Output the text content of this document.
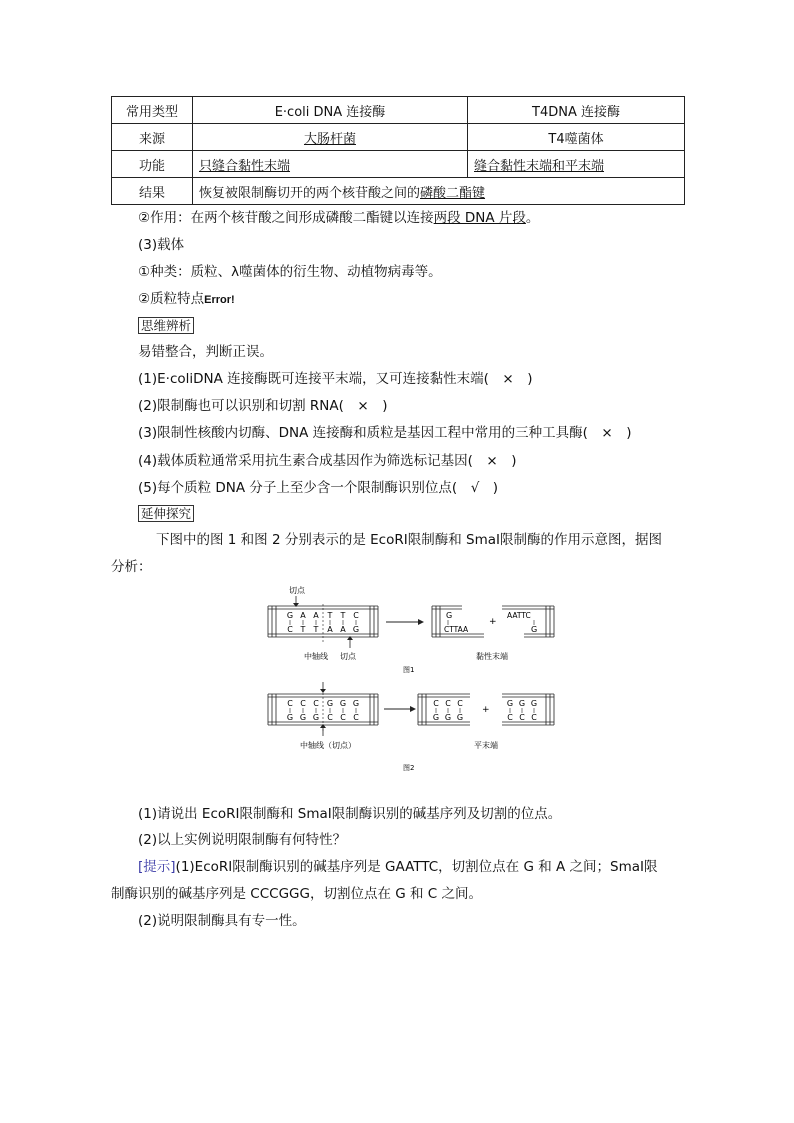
常用类型	E·coli DNA 连接酶	T4DNA 连接酶
来源	大肠杆菌	T4噬菌体
功能	只缝合黏性末端	缝合黏性末端和平末端
结果	恢复被限制酶切开的两个核苷酸之间的磷酸二酯键	
②作用：在两个核苷酸之间形成磷酸二酯键以连接两段 DNA 片段。
(3)载体
①种类：质粒、λ噬菌体的衍生物、动植物病毒等。
②质粒特点Error!
思维辨析
易错整合，判断正误。
(1)E·coliDNA 连接酶既可连接平末端，又可连接黏性末端(　×　)
(2)限制酶也可以识别和切割 RNA(　×　)
(3)限制性核酸内切酶、DNA 连接酶和质粒是基因工程中常用的三种工具酶(　×　)
(4)载体质粒通常采用抗生素合成基因作为筛选标记基因(　×　)
(5)每个质粒 DNA 分子上至少含一个限制酶识别位点(　√　)
延伸探究
下图中的图 1 和图 2 分别表示的是 EcoRⅠ限制酶和 SmaⅠ限制酶的作用示意图，据图
分析：
切点
G A A T T C
C T T A A G
中轴线 切点
G
CTTAA
+
AATTC
G
黏性末端
图1
C C C G G G
G G G C C C
中轴线（切点）
C C C
G G G
+
G G G
C C C
平末端
图2
(1)请说出 EcoRⅠ限制酶和 SmaⅠ限制酶识别的碱基序列及切割的位点。
(2)以上实例说明限制酶有何特性？
[提示](1)EcoRⅠ限制酶识别的碱基序列是 GAATTC，切割位点在 G 和 A 之间；SmaⅠ限
制酶识别的碱基序列是 CCCGGG，切割位点在 G 和 C 之间。
(2)说明限制酶具有专一性。
